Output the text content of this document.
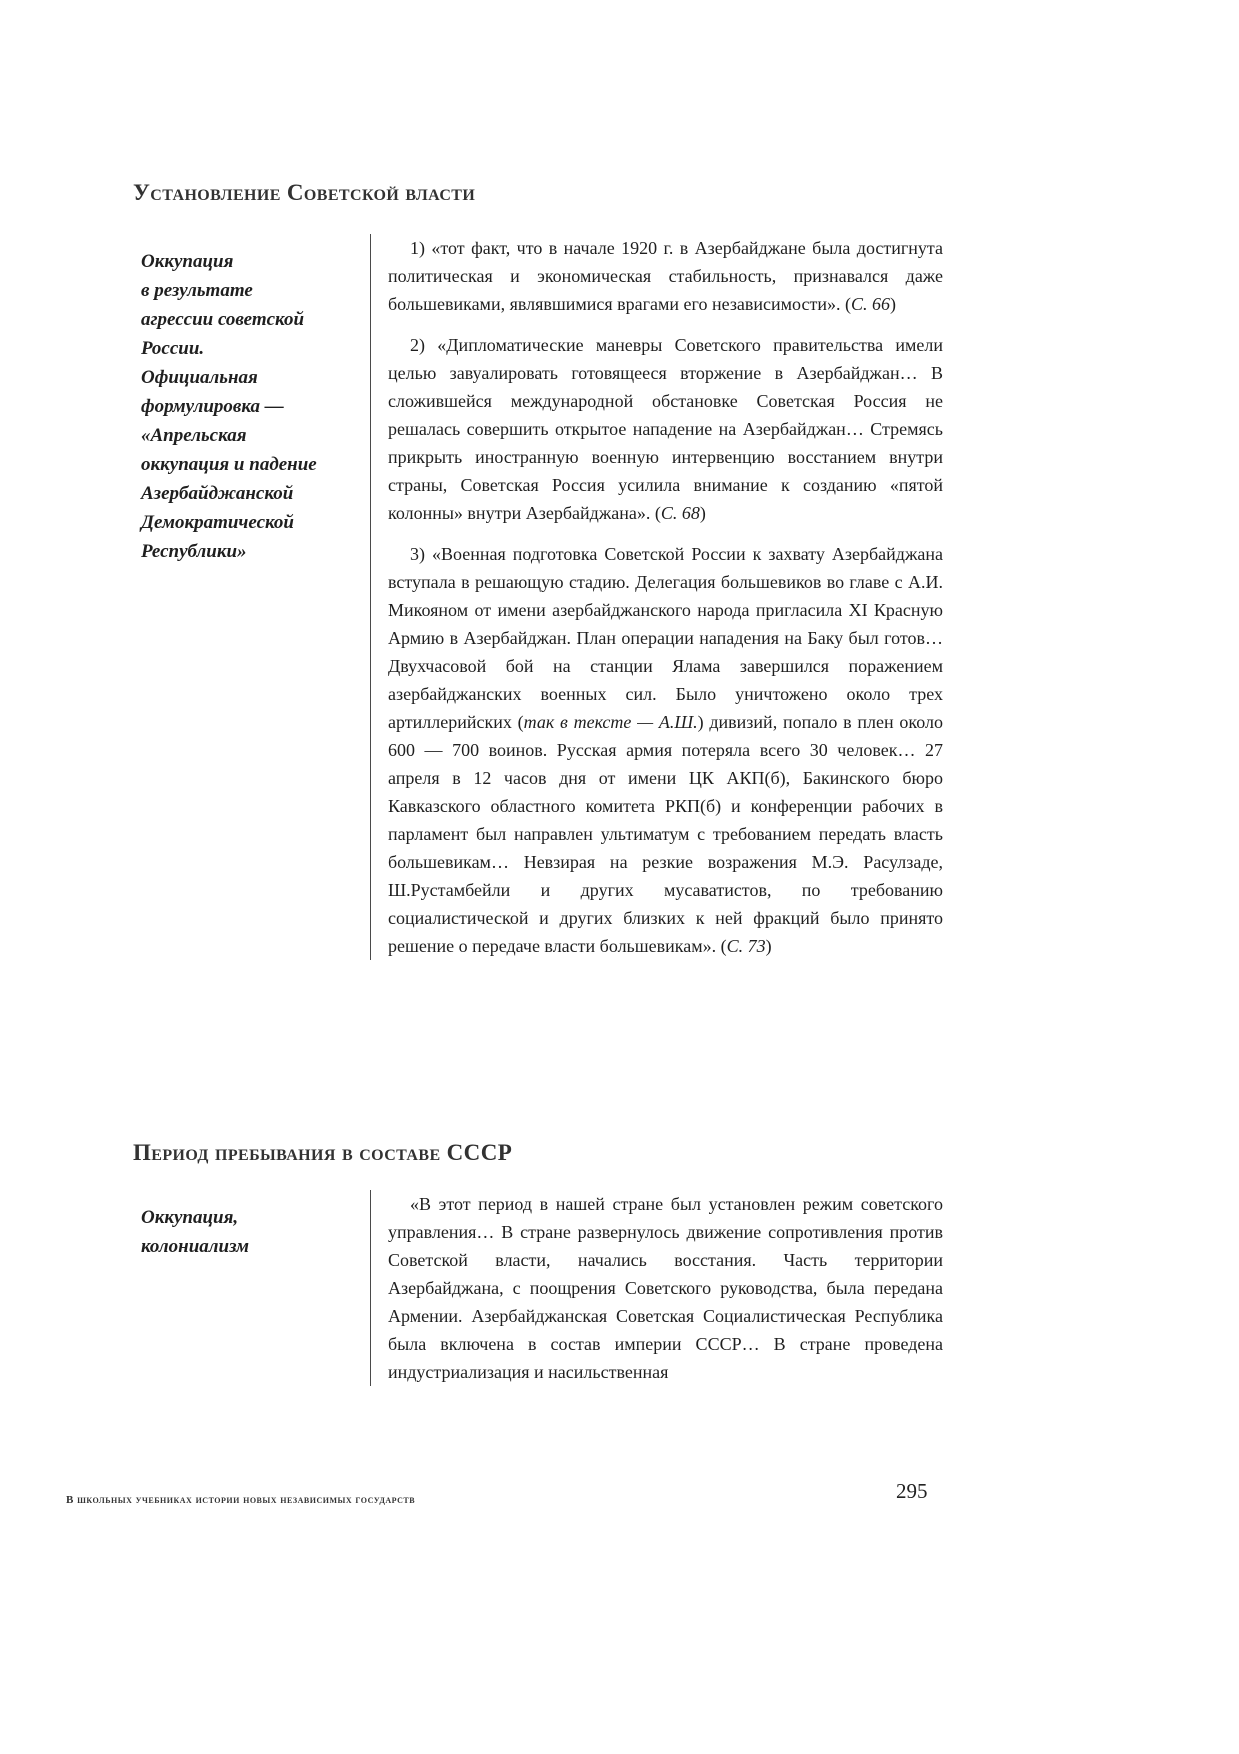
Установление Советской власти
Оккупация
в результате
агрессии советской
России.
Официальная
формулировка —
«Апрельская
оккупация и падение
Азербайджанской
Демократической
Республики»

1) «тот факт, что в начале 1920 г. в Азербайджане была достигнута политическая и экономическая стабильность, признавался даже большевиками, являвшимися врагами его независимости». (С. 66)

2) «Дипломатические маневры Советского правительства имели целью завуалировать готовящееся вторжение в Азербайджан… В сложившейся международной обстановке Советская Россия не решалась совершить открытое нападение на Азербайджан… Стремясь прикрыть иностранную военную интервенцию восстанием внутри страны, Советская Россия усилила внимание к созданию «пятой колонны» внутри Азербайджана». (С. 68)

3) «Военная подготовка Советской России к захвату Азербайджана вступала в решающую стадию. Делегация большевиков во главе с А.И. Микояном от имени азербайджанского народа пригласила XI Красную Армию в Азербайджан. План операции нападения на Баку был готов… Двухчасовой бой на станции Ялама завершился поражением азербайджанских военных сил. Было уничтожено около трех артиллерийских (так в тексте — А.Ш.) дивизий, попало в плен около 600 — 700 воинов. Русская армия потеряла всего 30 человек… 27 апреля в 12 часов дня от имени ЦК АКП(б), Бакинского бюро Кавказского областного комитета РКП(б) и конференции рабочих в парламент был направлен ультиматум с требованием передать власть большевикам… Невзирая на резкие возражения М.Э. Расулзаде, Ш.Рустамбейли и других мусаватистов, по требованию социалистической и других близких к ней фракций было принято решение о передаче власти большевикам». (С. 73)

Период пребывания в составе СССР
Оккупация,
колониализм

«В этот период в нашей стране был установлен режим советского управления… В стране развернулось движение сопротивления против Советской власти, начались восстания. Часть территории Азербайджана, с поощрения Советского руководства, была передана Армении. Азербайджанская Советская Социалистическая Республика была включена в состав империи СССР… В стране проведена индустриализация и насильственная

В школьных учебниках истории новых независимых государств	295
